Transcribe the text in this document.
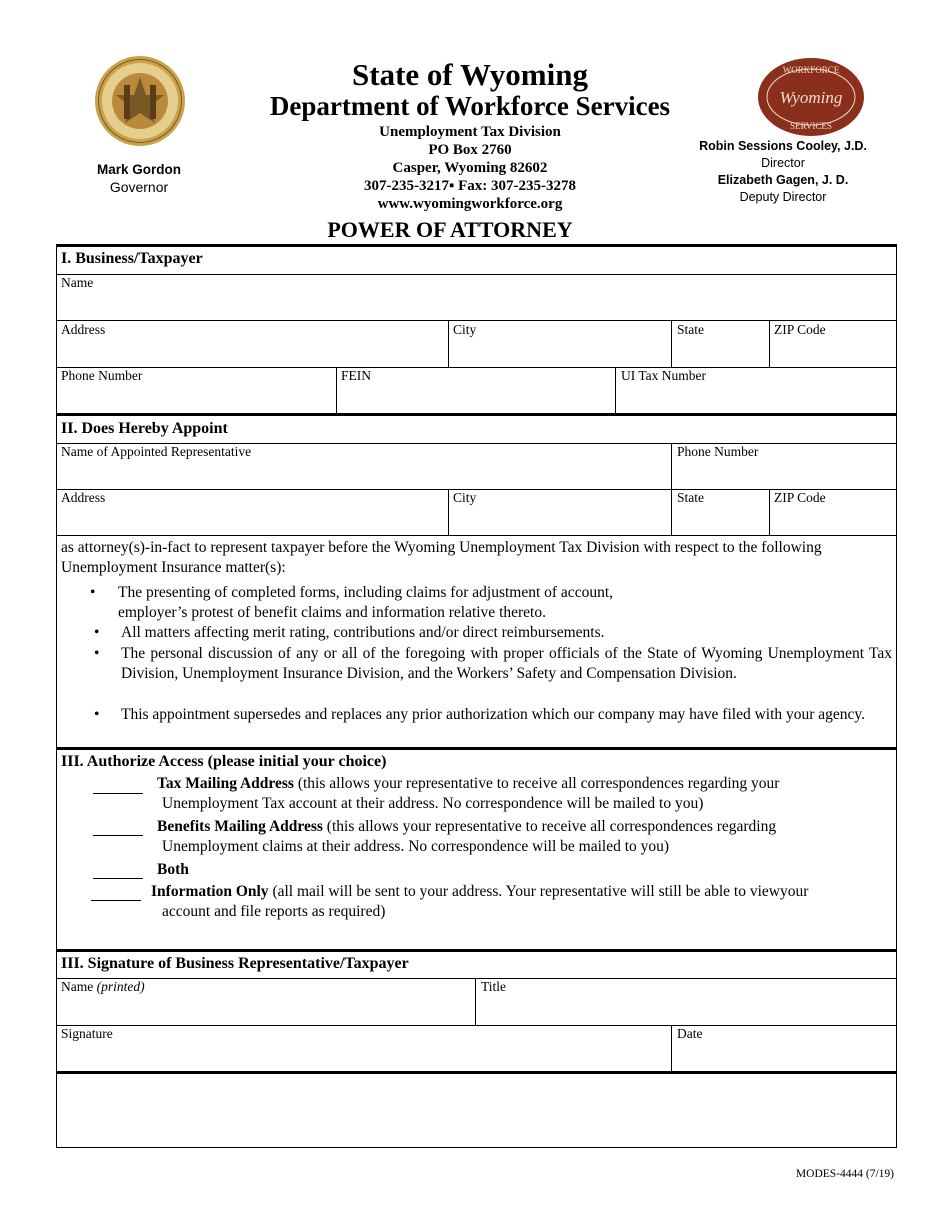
WORKFORCE
Wyoming
SERVICES
Mark Gordon
Governor
State of Wyoming
Department of Workforce Services
Unemployment Tax Division
PO Box 2760
Casper, Wyoming 82602
307-235-3217▪ Fax: 307-235-3278
www.wyomingworkforce.org
Robin Sessions Cooley, J.D.
Director
Elizabeth Gagen, J. D.
Deputy Director
POWER OF ATTORNEY
I. Business/Taxpayer
Name
Address	City	State	ZIP Code
Phone Number	FEIN	UI Tax Number
II. Does Hereby Appoint
Name of Appointed Representative	Phone Number
Address	City	State	ZIP Code
as attorney(s)-in-fact to represent taxpayer before the Wyoming Unemployment Tax Division with respect to the following Unemployment Insurance matter(s):
• The presenting of completed forms, including claims for adjustment of account,
employer’s protest of benefit claims and information relative thereto.
• All matters affecting merit rating, contributions and/or direct reimbursements.
• The personal discussion of any or all of the foregoing with proper officials of the State of Wyoming Unemployment Tax Division, Unemployment Insurance Division, and the Workers’ Safety and Compensation Division.
• This appointment supersedes and replaces any prior authorization which our company may have filed with your agency.
III. Authorize Access (please initial your choice)
Tax Mailing Address (this allows your representative to receive all correspondences regarding your
Unemployment Tax account at their address. No correspondence will be mailed to you)
Benefits Mailing Address (this allows your representative to receive all correspondences regarding
Unemployment claims at their address. No correspondence will be mailed to you)
Both
Information Only (all mail will be sent to your address. Your representative will still be able to viewyour
account and file reports as required)
III. Signature of Business Representative/Taxpayer
Name (printed)	Title
Signature	Date
MODES-4444 (7/19)
